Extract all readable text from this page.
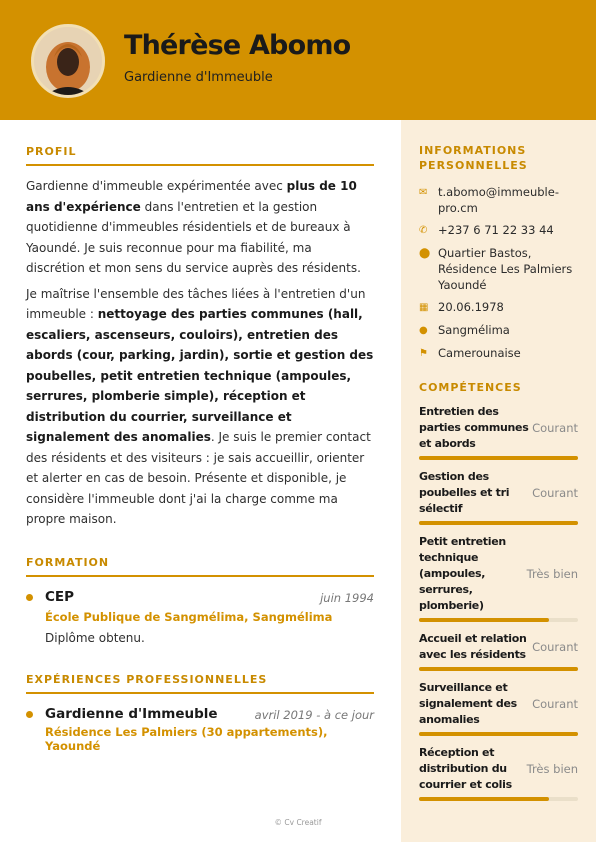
Thérèse Abomo
Gardienne d'Immeuble
INFORMATIONS PERSONNELLES
✉ t.abomo@immeuble-pro.cm
✆ +237 6 71 22 33 44
⬤ Quartier Bastos, Résidence Les Palmiers Yaoundé
▦ 20.06.1978
● Sangmélima
⚑ Camerounaise
COMPÉTENCES
Entretien des parties communes et abords
Courant
Gestion des poubelles et tri sélectif
Courant
Petit entretien technique (ampoules, serrures, plomberie)
Très bien
Accueil et relation avec les résidents
Courant
Surveillance et signalement des anomalies
Courant
Réception et distribution du courrier et colis
Très bien
PROFIL

Gardienne d'immeuble expérimentée avec plus de 10 ans d'expérience dans l'entretien et la gestion quotidienne d'immeubles résidentiels et de bureaux à Yaoundé. Je suis reconnue pour ma fiabilité, ma discrétion et mon sens du service auprès des résidents.

Je maîtrise l'ensemble des tâches liées à l'entretien d'un immeuble : nettoyage des parties communes (hall, escaliers, ascenseurs, couloirs), entretien des abords (cour, parking, jardin), sortie et gestion des poubelles, petit entretien technique (ampoules, serrures, plomberie simple), réception et distribution du courrier, surveillance et signalement des anomalies. Je suis le premier contact des résidents et des visiteurs : je sais accueillir, orienter et alerter en cas de besoin. Présente et disponible, je considère l'immeuble dont j'ai la charge comme ma propre maison.

FORMATION
CEP	juin 1994
École Publique de Sangmélima, Sangmélima
Diplôme obtenu.
EXPÉRIENCES PROFESSIONNELLES
Gardienne d'Immeuble	avril 2019 - à ce jour
Résidence Les Palmiers (30 appartements), Yaoundé
© Cv Creatif
